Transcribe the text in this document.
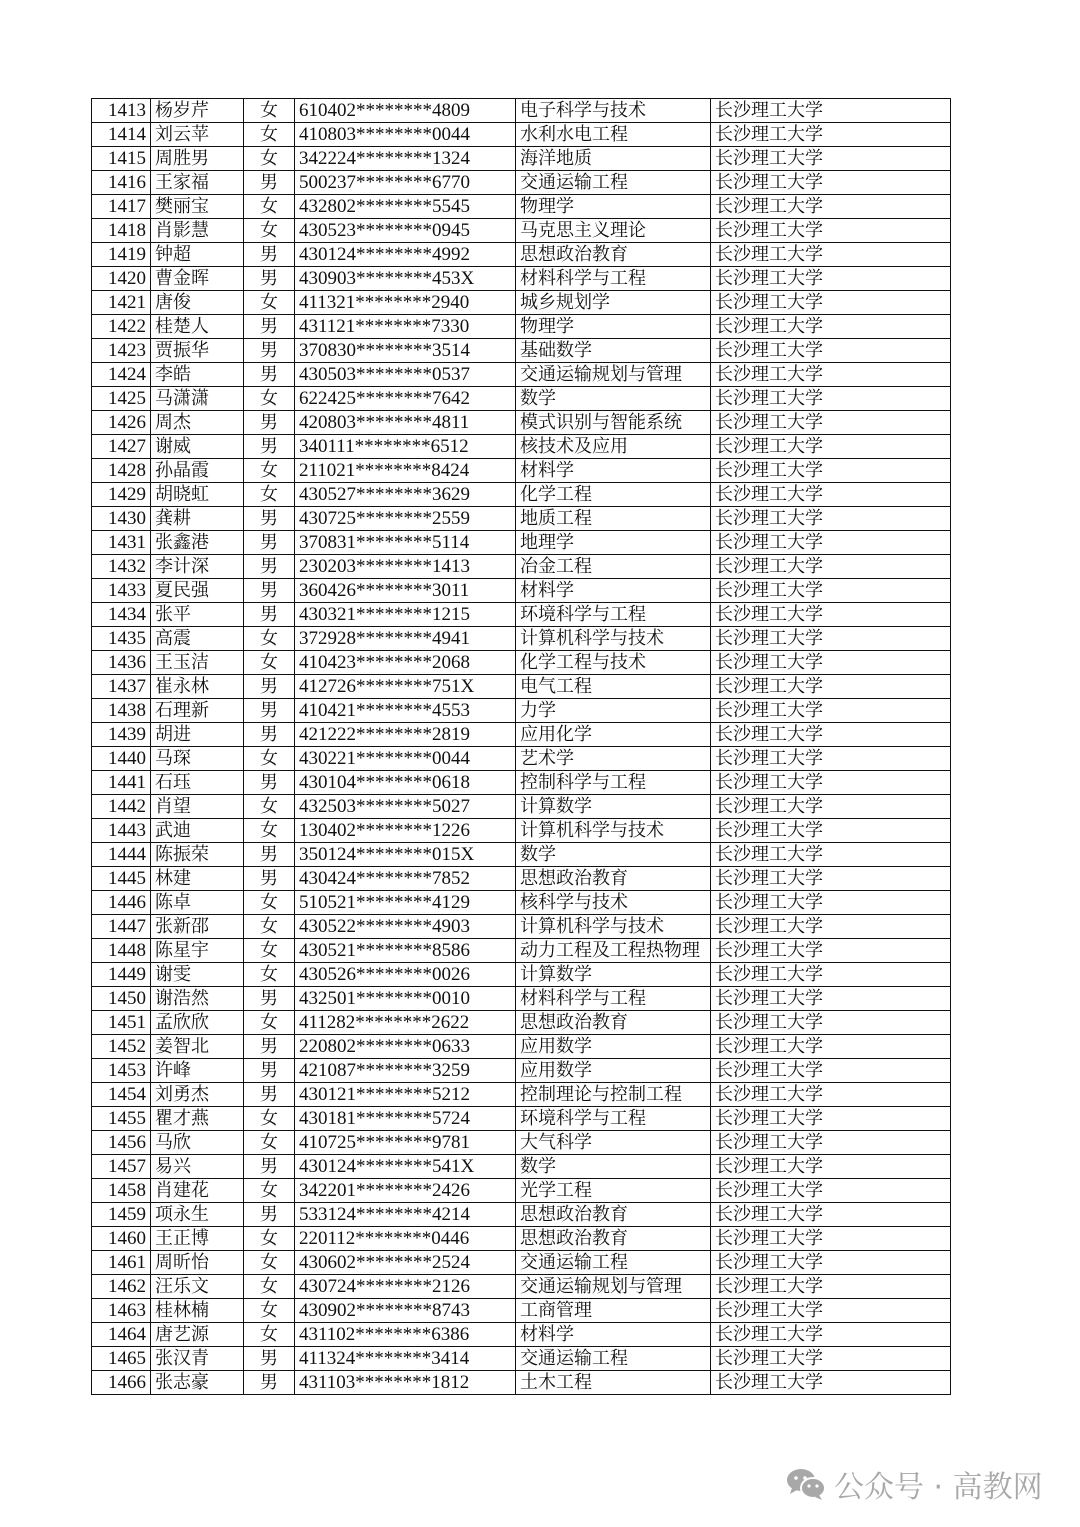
1413	杨岁芹	女	610402********4809	电子科学与技术	长沙理工大学
1414	刘云苹	女	410803********0044	水利水电工程	长沙理工大学
1415	周胜男	女	342224********1324	海洋地质	长沙理工大学
1416	王家福	男	500237********6770	交通运输工程	长沙理工大学
1417	樊丽宝	女	432802********5545	物理学	长沙理工大学
1418	肖影慧	女	430523********0945	马克思主义理论	长沙理工大学
1419	钟超	男	430124********4992	思想政治教育	长沙理工大学
1420	曹金晖	男	430903********453X	材料科学与工程	长沙理工大学
1421	唐俊	女	411321********2940	城乡规划学	长沙理工大学
1422	桂楚人	男	431121********7330	物理学	长沙理工大学
1423	贾振华	男	370830********3514	基础数学	长沙理工大学
1424	李皓	男	430503********0537	交通运输规划与管理	长沙理工大学
1425	马潇潇	女	622425********7642	数学	长沙理工大学
1426	周杰	男	420803********4811	模式识别与智能系统	长沙理工大学
1427	谢威	男	340111********6512	核技术及应用	长沙理工大学
1428	孙晶霞	女	211021********8424	材料学	长沙理工大学
1429	胡晓虹	女	430527********3629	化学工程	长沙理工大学
1430	龚耕	男	430725********2559	地质工程	长沙理工大学
1431	张鑫港	男	370831********5114	地理学	长沙理工大学
1432	李计深	男	230203********1413	冶金工程	长沙理工大学
1433	夏民强	男	360426********3011	材料学	长沙理工大学
1434	张平	男	430321********1215	环境科学与工程	长沙理工大学
1435	高震	女	372928********4941	计算机科学与技术	长沙理工大学
1436	王玉洁	女	410423********2068	化学工程与技术	长沙理工大学
1437	崔永林	男	412726********751X	电气工程	长沙理工大学
1438	石理新	男	410421********4553	力学	长沙理工大学
1439	胡进	男	421222********2819	应用化学	长沙理工大学
1440	马琛	女	430221********0044	艺术学	长沙理工大学
1441	石珏	男	430104********0618	控制科学与工程	长沙理工大学
1442	肖望	女	432503********5027	计算数学	长沙理工大学
1443	武迪	女	130402********1226	计算机科学与技术	长沙理工大学
1444	陈振荣	男	350124********015X	数学	长沙理工大学
1445	林建	男	430424********7852	思想政治教育	长沙理工大学
1446	陈卓	女	510521********4129	核科学与技术	长沙理工大学
1447	张新邵	女	430522********4903	计算机科学与技术	长沙理工大学
1448	陈星宇	女	430521********8586	动力工程及工程热物理	长沙理工大学
1449	谢雯	女	430526********0026	计算数学	长沙理工大学
1450	谢浩然	男	432501********0010	材料科学与工程	长沙理工大学
1451	孟欣欣	女	411282********2622	思想政治教育	长沙理工大学
1452	姜智北	男	220802********0633	应用数学	长沙理工大学
1453	许峰	男	421087********3259	应用数学	长沙理工大学
1454	刘勇杰	男	430121********5212	控制理论与控制工程	长沙理工大学
1455	瞿才燕	女	430181********5724	环境科学与工程	长沙理工大学
1456	马欣	女	410725********9781	大气科学	长沙理工大学
1457	易兴	男	430124********541X	数学	长沙理工大学
1458	肖建花	女	342201********2426	光学工程	长沙理工大学
1459	项永生	男	533124********4214	思想政治教育	长沙理工大学
1460	王正博	女	220112********0446	思想政治教育	长沙理工大学
1461	周昕怡	女	430602********2524	交通运输工程	长沙理工大学
1462	汪乐文	女	430724********2126	交通运输规划与管理	长沙理工大学
1463	桂林楠	女	430902********8743	工商管理	长沙理工大学
1464	唐艺源	女	431102********6386	材料学	长沙理工大学
1465	张汉青	男	411324********3414	交通运输工程	长沙理工大学
1466	张志豪	男	431103********1812	土木工程	长沙理工大学
公众号 · 高教网
